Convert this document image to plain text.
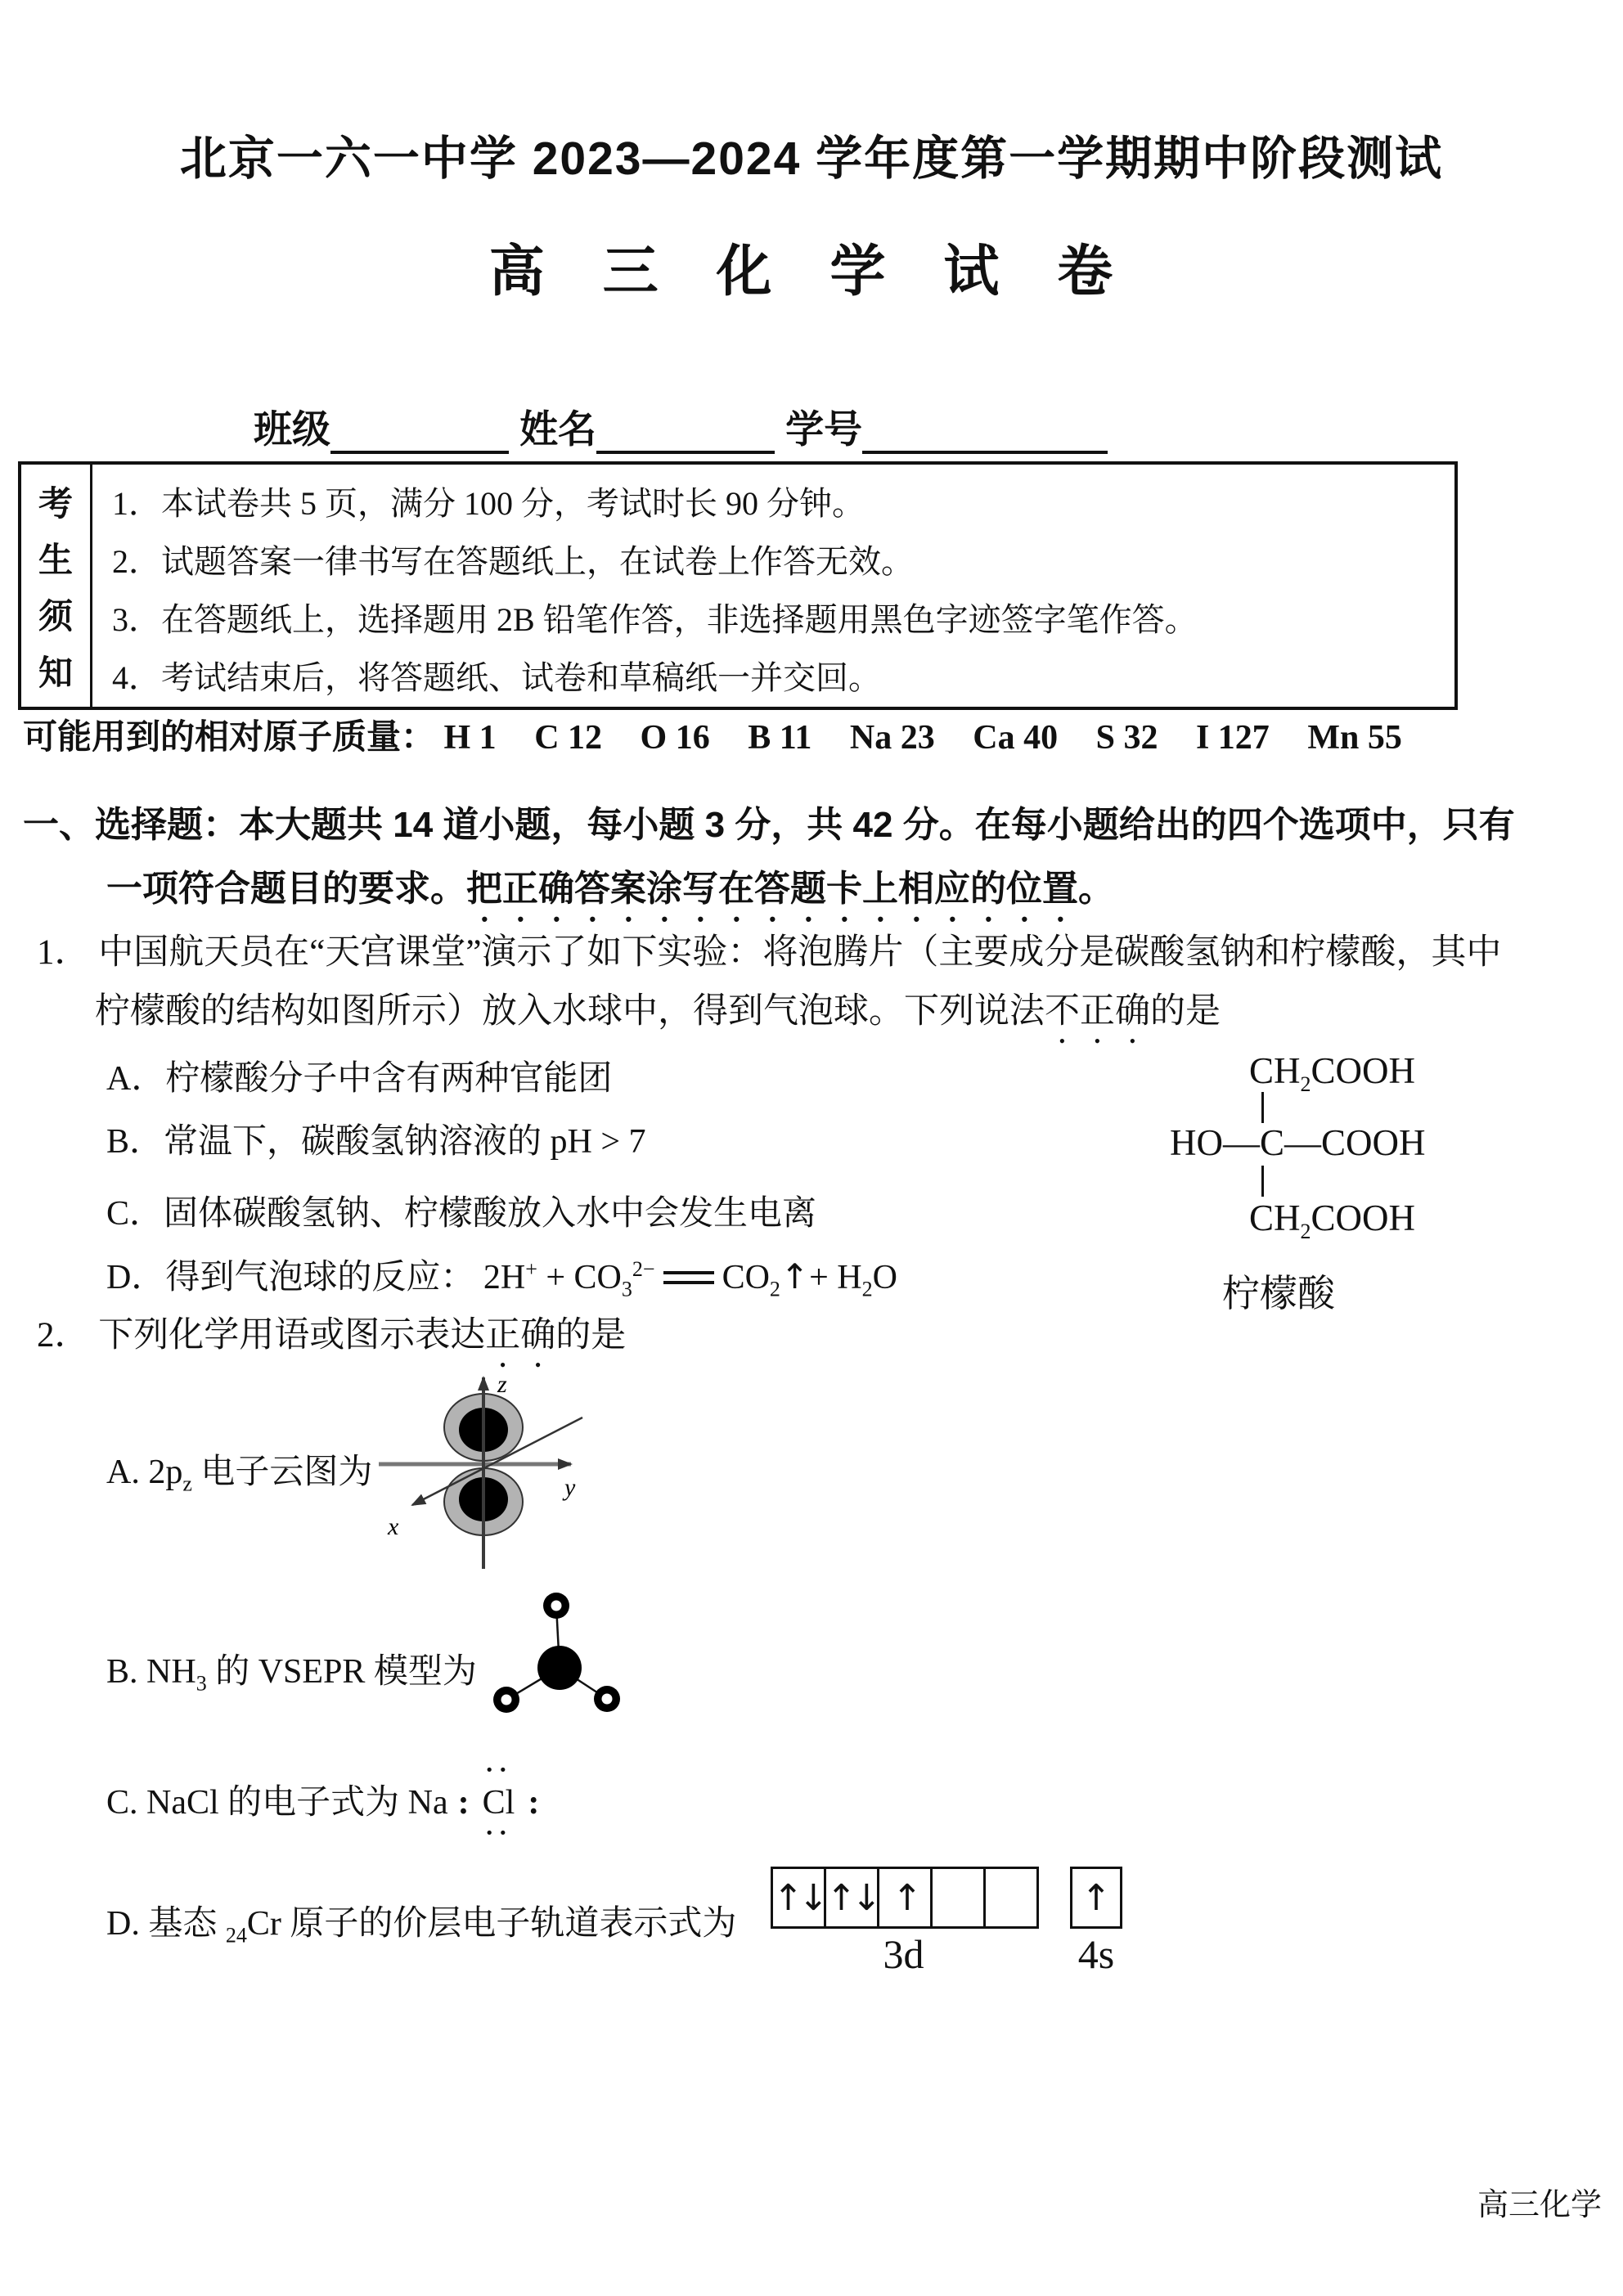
北京一六一中学 2023—2024 学年度第一学期期中阶段测试
高 三 化 学 试 卷
班级	姓名	学号
考
生
须
知
1．本试卷共 5 页，满分 100 分，考试时长 90 分钟。
2．试题答案一律书写在答题纸上，在试卷上作答无效。
3．在答题纸上，选择题用 2B 铅笔作答，非选择题用黑色字迹签字笔作答。
4．考试结束后，将答题纸、试卷和草稿纸一并交回。
可能用到的相对原子质量： H 1 C 12 O 16 B 11 Na 23 Ca 40 S 32 I 127 Mn 55
一、选择题：本大题共 14 道小题，每小题 3 分，共 42 分。在每小题给出的四个选项中，只有
一项符合题目的要求。把正确答案涂写在答题卡上相应的位置。
1． 中国航天员在“天宫课堂”演示了如下实验：将泡腾片（主要成分是碳酸氢钠和柠檬酸，其中
柠檬酸的结构如图所示）放入水球中，得到气泡球。下列说法不正确的是
A．柠檬酸分子中含有两种官能团
B．常温下，碳酸氢钠溶液的 pH > 7
C．固体碳酸氢钠、柠檬酸放入水中会发生电离
D．得到气泡球的反应： $2H^+ + CO_3^{2-}$ $CO_2↑+ H_2O$
$CH_2COOH$
HO—C—COOH
$CH_2COOH$
柠檬酸
2． 下列化学用语或图示表达正确的是
A. $2p_z$ 电子云图为
z
y
x
B. $NH_3$ 的 VSEPR 模型为
C. NaCl 的电子式为 Na :
••
Cl
••
:
D. 基态 $_{24}$Cr 原子的价层电子轨道表示式为
↑↓ ↑↓ ↑	↑
3d	4s
高三化学
